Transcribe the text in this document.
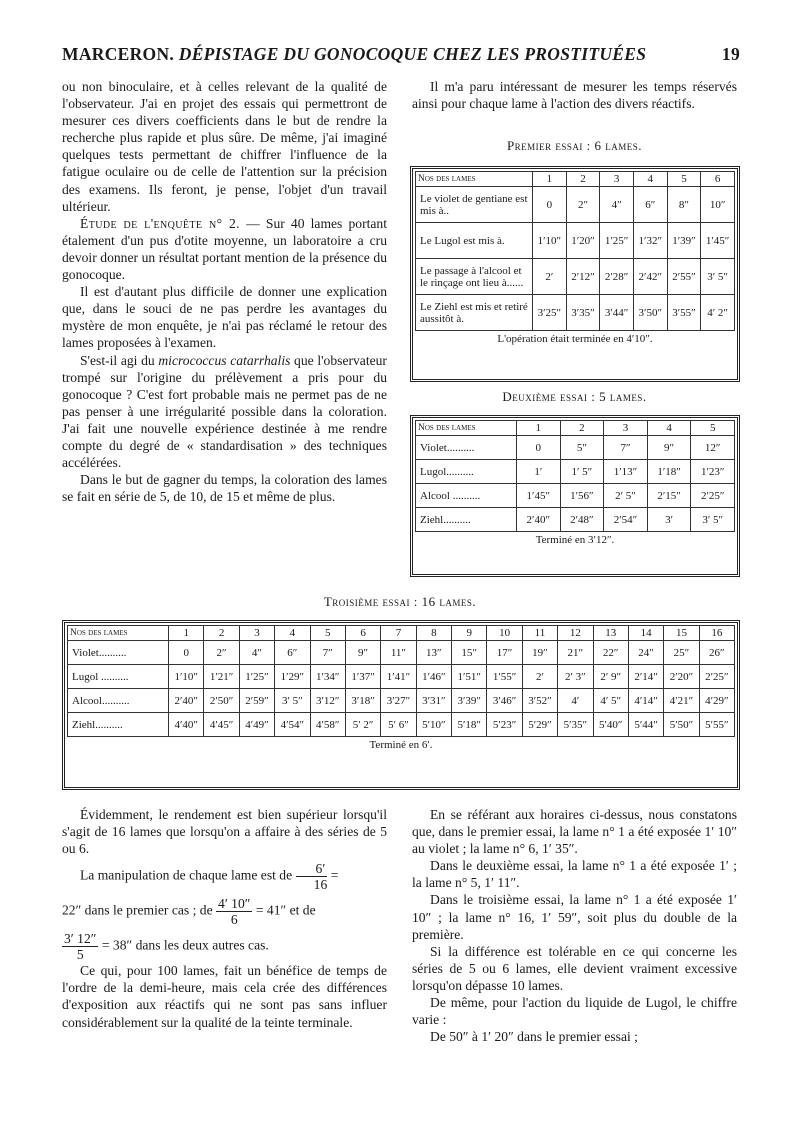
MARCERON. DÉPISTAGE DU GONOCOQUE CHEZ LES PROSTITUÉES	19

ou non binoculaire, et à celles relevant de la qualité de l'observateur. J'ai en projet des essais qui permettront de mesurer ces divers coefficients dans le but de rendre la recherche plus rapide et plus sûre. De même, j'ai imaginé quelques tests permettant de chiffrer l'influence de la fatigue oculaire ou de celle de l'attention sur la précision des examens. Ils feront, je pense, l'objet d'un travail ultérieur.

Étude de l'enquête n° 2. — Sur 40 lames portant étalement d'un pus d'otite moyenne, un laboratoire a cru devoir donner un résultat portant mention de la présence du gonocoque.

Il est d'autant plus difficile de donner une explication que, dans le souci de ne pas perdre les avantages du mystère de mon enquête, je n'ai pas réclamé le retour des lames proposées à l'examen.

S'est-il agi du micrococcus catarrhalis que l'observateur trompé sur l'origine du prélèvement a pris pour du gonocoque ? C'est fort probable mais ne permet pas de ne pas penser à une irrégularité possible dans la coloration. J'ai fait une nouvelle expérience destinée à me rendre compte du degré de « standardisation » des techniques accélérées.

Dans le but de gagner du temps, la coloration des lames se fait en série de 5, de 10, de 15 et même de plus.

Il m'a paru intéressant de mesurer les temps réservés ainsi pour chaque lame à l'action des divers réactifs.

Premier essai : 6 lames.
Nos des lames	1	2	3	4	5	6
Le violet de gentiane est mis à..	0	2″	4″	6″	8″	10″
Le Lugol est mis à.	1′10″	1′20″	1′25″	1′32″	1′39″	1′45″
Le passage à l'alcool et le rinçage ont lieu à......	2′	2′12″	2′28″	2′42″	2′55″	3′ 5″
Le Ziehl est mis et retiré aussitôt à.	3′25″	3′35″	3′44″	3′50″	3′55″	4′ 2″
L'opération était terminée en 4′10″.						
Deuxième essai : 5 lames.
Nos des lames	1	2	3	4	5
Violet..........	0	5″	7″	9″	12″
Lugol..........	1′	1′ 5″	1′13″	1′18″	1′23″
Alcool ..........	1′45″	1′56″	2′ 5″	2′15″	2′25″
Ziehl..........	2′40″	2′48″	2′54″	3′	3′ 5″
Terminé en 3′12″.					
Troisième essai : 16 lames.
Nos des lames	1	2	3	4	5	6	7	8	9	10	11	12	13	14	15	16
Violet..........	0	2″	4″	6″	7″	9″	11″	13″	15″	17″	19″	21″	22″	24″	25″	26″
Lugol ..........	1′10″	1′21″	1′25″	1′29″	1′34″	1′37″	1′41″	1′46″	1′51″	1′55″	2′	2′ 3″	2′ 9″	2′14″	2′20″	2′25″
Alcool..........	2′40″	2′50″	2′59″	3′ 5″	3′12″	3′18″	3′27″	3′31″	3′39″	3′46″	3′52″	4′	4′ 5″	4′14″	4′21″	4′29″
Ziehl..........	4′40″	4′45″	4′49″	4′54″	4′58″	5′ 2″	5′ 6″	5′10″	5′18″	5′23″	5′29″	5′35″	5′40″	5′44″	5′50″	5′55″
Terminé en 6′.																

Évidemment, le rendement est bien supérieur lorsqu'il s'agit de 16 lames que lorsqu'on a affaire à des séries de 5 ou 6.

La manipulation de chaque lame est de $\frac{6'}{16}$ =

22″ dans le premier cas ; de $\frac{4' 10''}{6} = 41''$ et de

$\frac{3' 12''}{5} = 38''$ dans les deux autres cas.

Ce qui, pour 100 lames, fait un bénéfice de temps de l'ordre de la demi-heure, mais cela crée des différences d'exposition aux réactifs qui ne sont pas sans influer considérablement sur la qualité de la teinte terminale.

En se référant aux horaires ci-dessus, nous constatons que, dans le premier essai, la lame n° 1 a été exposée 1′ 10″ au violet ; la lame n° 6, 1′ 35″.

Dans le deuxième essai, la lame n° 1 a été exposée 1′ ; la lame n° 5, 1′ 11″.

Dans le troisième essai, la lame n° 1 a été exposée 1′ 10″ ; la lame n° 16, 1′ 59″, soit plus du double de la première.

Si la différence est tolérable en ce qui concerne les séries de 5 ou 6 lames, elle devient vraiment excessive lorsqu'on dépasse 10 lames.

De même, pour l'action du liquide de Lugol, le chiffre varie :

De 50″ à 1′ 20″ dans le premier essai ;
